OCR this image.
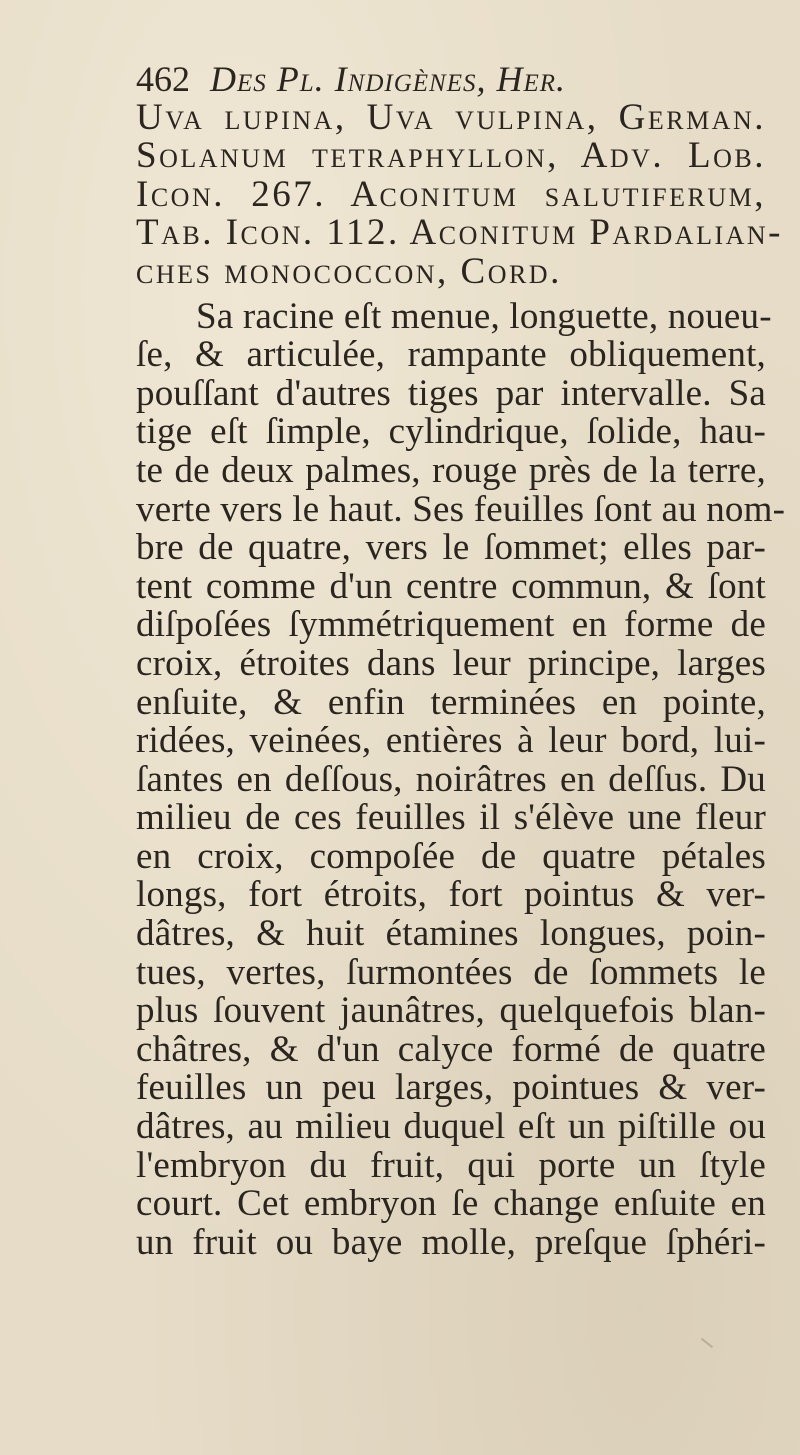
462 Des Pl. Indigènes, Her.
Uva lupina, Uva vulpina, German.
Solanum tetraphyllon, Adv. Lob.
Icon. 267. Aconitum salutiferum,
Tab. Icon. 112. Aconitum Pardalian-
ches monococcon, Cord.
Sa racine eſt menue, longuette, noueu-
ſe, & articulée, rampante obliquement,
pouſſant d'autres tiges par intervalle. Sa
tige eſt ſimple, cylindrique, ſolide, hau-
te de deux palmes, rouge près de la terre,
verte vers le haut. Ses feuilles ſont au nom-
bre de quatre, vers le ſommet; elles par-
tent comme d'un centre commun, & ſont
diſpoſées ſymmétriquement en forme de
croix, étroites dans leur principe, larges
enſuite, & enfin terminées en pointe,
ridées, veinées, entières à leur bord, lui-
ſantes en deſſous, noirâtres en deſſus. Du
milieu de ces feuilles il s'élève une fleur
en croix, compoſée de quatre pétales
longs, fort étroits, fort pointus & ver-
dâtres, & huit étamines longues, poin-
tues, vertes, ſurmontées de ſommets le
plus ſouvent jaunâtres, quelquefois blan-
châtres, & d'un calyce formé de quatre
feuilles un peu larges, pointues & ver-
dâtres, au milieu duquel eſt un piſtille ou
l'embryon du fruit, qui porte un ſtyle
court. Cet embryon ſe change enſuite en
un fruit ou baye molle, preſque ſphéri-
